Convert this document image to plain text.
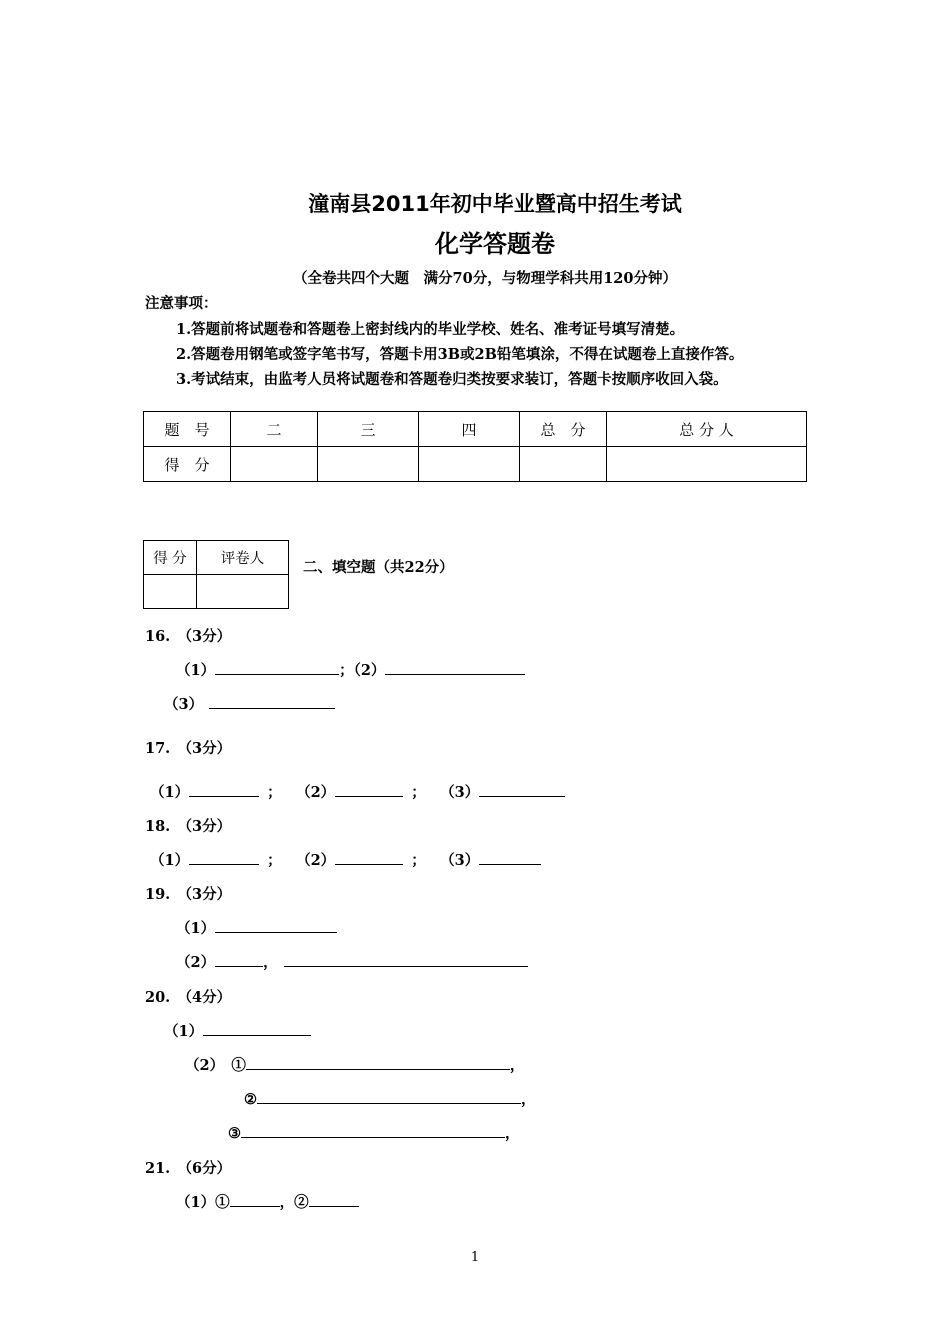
潼南县2011年初中毕业暨高中招生考试
化学答题卷
（全卷共四个大题　满分70分，与物理学科共用120分钟）
注意事项：
1.答题前将试题卷和答题卷上密封线内的毕业学校、姓名、准考证号填写清楚。
2.答题卷用钢笔或签字笔书写，答题卡用3B或2B铅笔填涂，不得在试题卷上直接作答。
3.考试结束，由监考人员将试题卷和答题卷归类按要求装订，答题卡按顺序收回入袋。
题　号	二	三	四	总　分	总 分 人
得　分					
得 分	评卷人
		二、填空题（共22分）
16.　（3分）
（1）	；（2）
（3）
17.　（3分）
（1）	；　　（2）	；　　（3）
18.　（3分）
（1）	；　　（2）	；　　（3）
19.　（3分）
（1）
（2）	，
20.　（4分）
（1）
（2）　①	，
②	，
③	，
21.　（6分）
（1）①	，②
1
